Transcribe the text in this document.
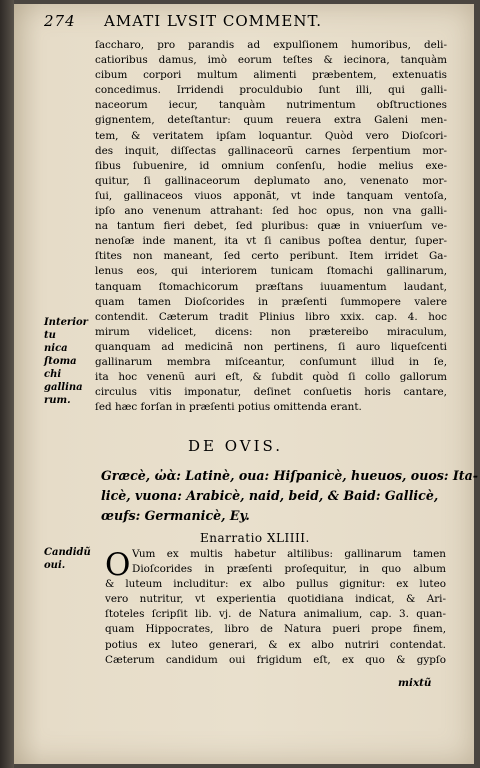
274 AMATI LVSIT COMMENT.
ſaccharo, pro parandis ad expulſionem humoribus, deli-
catioribus damus, imò eorum teſtes & iecinora, tanquàm
cibum corpori multum alimenti præbentem, extenuatis
concedimus. Irridendi proculdubio ſunt illi, qui galli-
naceorum iecur, tanquàm nutrimentum obſtructiones
gignentem, deteſtantur: quum reuera extra Galeni men-
tem, & veritatem ipſam loquantur. Quòd vero Dioſcori-
des inquit, diſſectas gallinaceorũ carnes ſerpentium mor-
ſibus ſubuenire, id omnium conſenſu, hodie melius exe-
quitur, ſi gallinaceorum deplumato ano, venenato mor-
ſui, gallinaceos viuos apponãt, vt inde tanquam ventoſa,
ipſo ano venenum attrahant: ſed hoc opus, non vna galli-
na tantum fieri debet, ſed pluribus: quæ in vniuerſum ve-
nenoſæ inde manent, ita vt ſi canibus poſtea dentur, ſuper-
ſtites non maneant, ſed certo peribunt. Item irridet Ga-
lenus eos, qui interiorem tunicam ſtomachi gallinarum,
tanquam ſtomachicorum præſtans iuuamentum laudant,
quam tamen Dioſcorides in præſenti ſummopere valere
contendit. Cæterum tradit Plinius libro xxix. cap. 4. hoc
mirum videlicet, dicens: non prætereibo miraculum,
quanquam ad medicinã non pertinens, ſi auro liqueſcenti
gallinarum membra miſceantur, conſumunt illud in ſe,
ita hoc venenũ auri eſt, & ſubdit quòd ſi collo gallorum
circulus vitis imponatur, deſinet conſuetis horis cantare,
ſed hæc forſan in præſenti potius omittenda erant.
Interior tu
nica ſtoma
chi gallina
rum.
DE OVIS.
Græcè, ὠὰ: Latinè, oua: Hiſpanicè, hueuos, ouos: Ita-
licè, vuona: Arabicè, naid, beid, & Baid: Gallicè,
œufs: Germanicè, Ey.
Enarratio XLIIII.
Candidũ
oui.	O Vum ex multis habetur altilibus: gallinarum tamen
Dioſcorides in præſenti proſequitur, in quo album
& luteum includitur: ex albo pullus gignitur: ex luteo
vero nutritur, vt experientia quotidiana indicat, & Ari-
ſtoteles ſcripſit lib. vj. de Natura animalium, cap. 3. quan-
quam Hippocrates, libro de Natura pueri prope finem,
potius ex luteo generari, & ex albo nutriri contendat.
Cæterum candidum oui frigidum eſt, ex quo & gypſo
mixtũ
